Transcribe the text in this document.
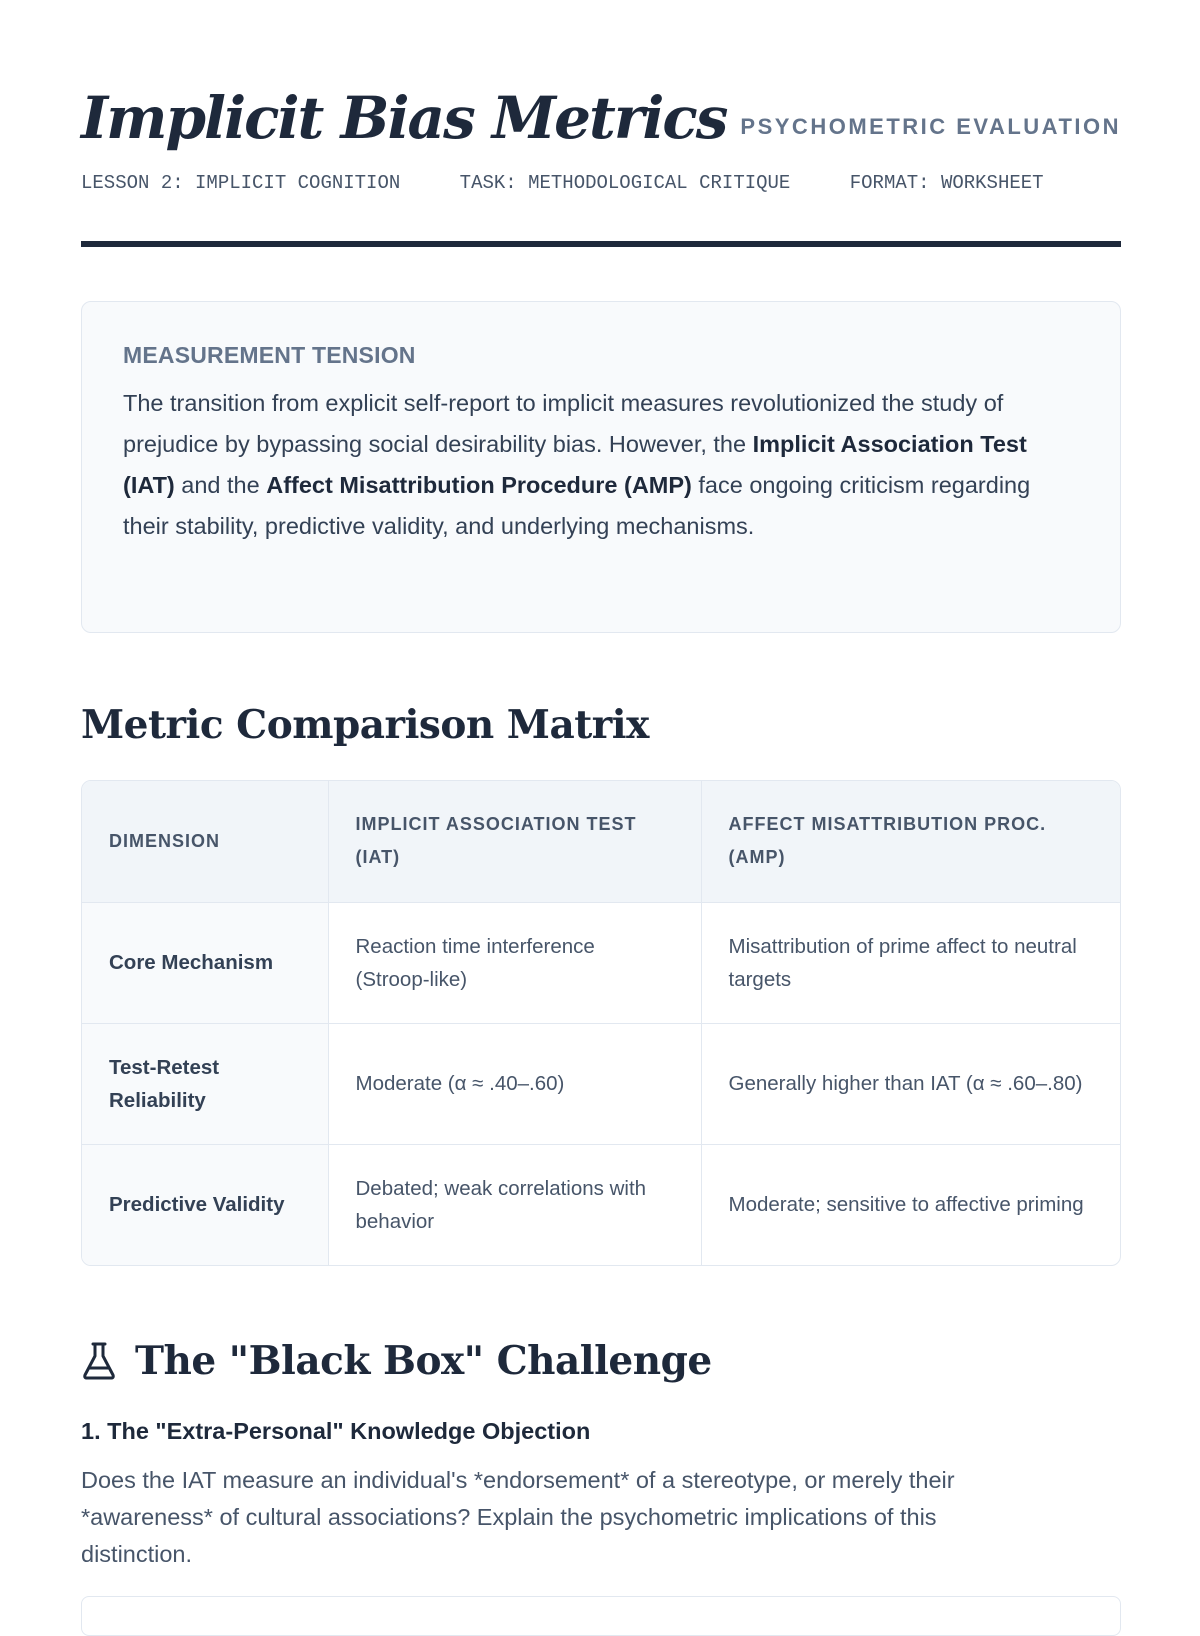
Implicit Bias Metrics PSYCHOMETRIC EVALUATION
LESSON 2: IMPLICIT COGNITION	TASK: METHODOLOGICAL CRITIQUE	FORMAT: WORKSHEET
MEASUREMENT TENSION

The transition from explicit self-report to implicit measures revolutionized the study of prejudice by bypassing social desirability bias. However, the Implicit Association Test (IAT) and the Affect Misattribution Procedure (AMP) face ongoing criticism regarding their stability, predictive validity, and underlying mechanisms.

Metric Comparison Matrix
DIMENSION	IMPLICIT ASSOCIATION TEST (IAT)	AFFECT MISATTRIBUTION PROC. (AMP)
Core Mechanism	Reaction time interference (Stroop-like)	Misattribution of prime affect to neutral targets
Test-Retest Reliability	Moderate (α ≈ .40–.60)	Generally higher than IAT (α ≈ .60–.80)
Predictive Validity	Debated; weak correlations with behavior	Moderate; sensitive to affective priming
The "Black Box" Challenge
1. The "Extra-Personal" Knowledge Objection

Does the IAT measure an individual's *endorsement* of a stereotype, or merely their *awareness* of cultural associations? Explain the psychometric implications of this distinction.
